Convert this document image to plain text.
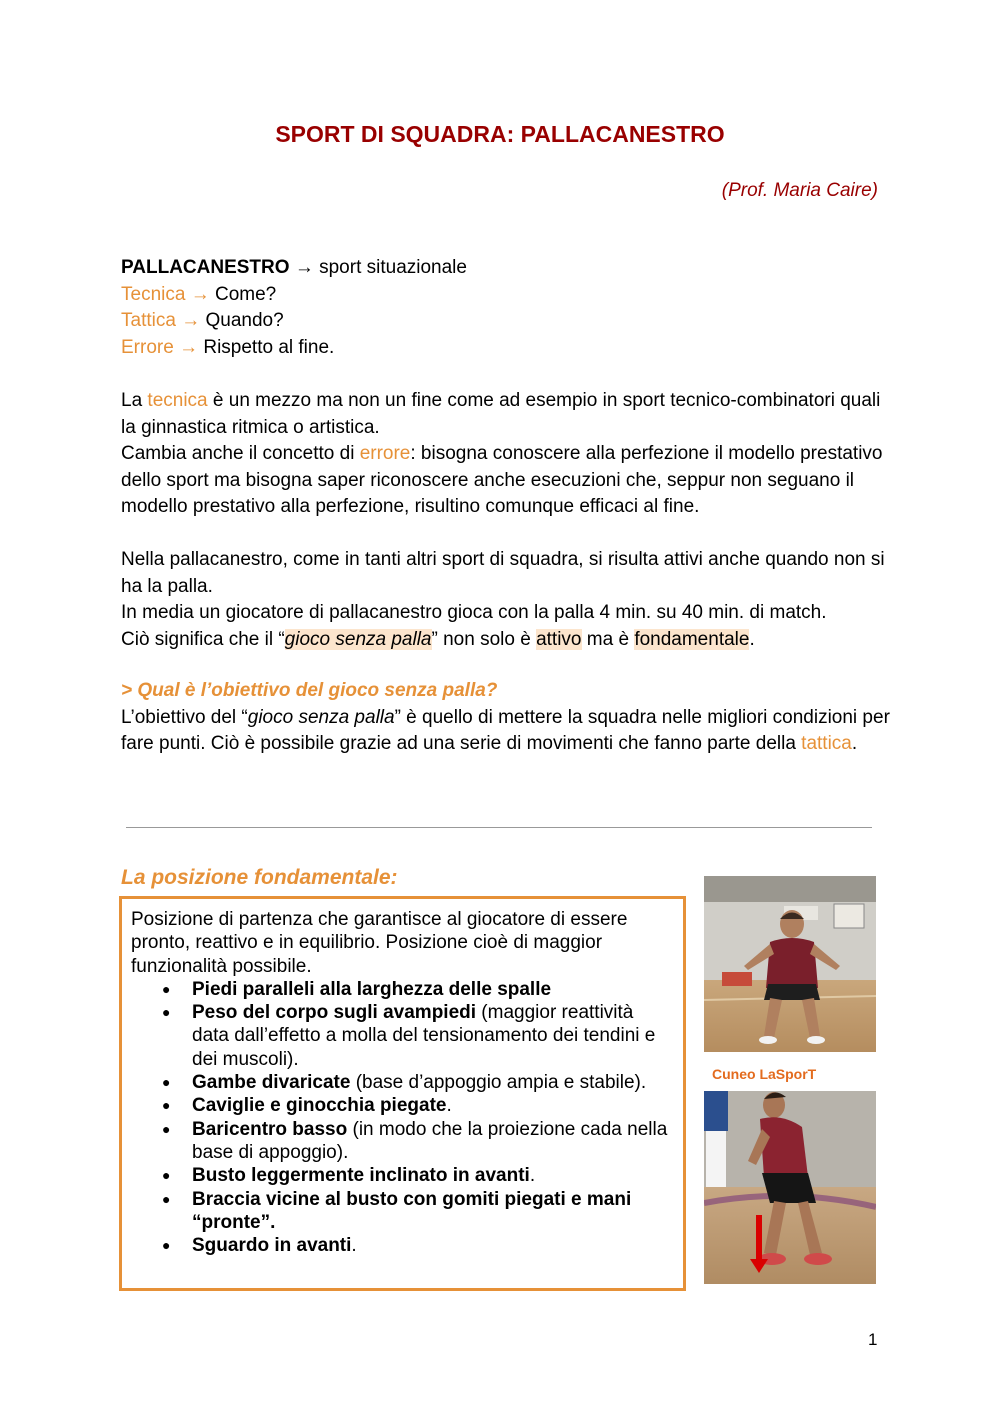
SPORT DI SQUADRA: PALLACANESTRO
(Prof. Maria Caire)
PALLACANESTRO → sport situazionale
Tecnica → Come?
Tattica → Quando?
Errore → Rispetto al fine.
La tecnica è un mezzo ma non un fine come ad esempio in sport tecnico-combinatori quali la ginnastica ritmica o artistica.
Cambia anche il concetto di errore: bisogna conoscere alla perfezione il modello prestativo dello sport ma bisogna saper riconoscere anche esecuzioni che, seppur non seguano il modello prestativo alla perfezione, risultino comunque efficaci al fine.
Nella pallacanestro, come in tanti altri sport di squadra, si risulta attivi anche quando non si ha la palla.
In media un giocatore di pallacanestro gioca con la palla 4 min. su 40 min. di match.
Ciò significa che il “gioco senza palla” non solo è attivo ma è fondamentale.
> Qual è l’obiettivo del gioco senza palla?
L’obiettivo del “gioco senza palla” è quello di mettere la squadra nelle migliori condizioni per fare punti. Ciò è possibile grazie ad una serie di movimenti che fanno parte della tattica.
La posizione fondamentale:
Posizione di partenza che garantisce al giocatore di essere pronto, reattivo e in equilibrio. Posizione cioè di maggior funzionalità possibile.
● Piedi paralleli alla larghezza delle spalle
● Peso del corpo sugli avampiedi (maggior reattività data dall’effetto a molla del tensionamento dei tendini e dei muscoli).
● Gambe divaricate (base d’appoggio ampia e stabile).
● Caviglie e ginocchia piegate.
● Baricentro basso (in modo che la proiezione cada nella base di appoggio).
● Busto leggermente inclinato in avanti.
● Braccia vicine al busto con gomiti piegati e mani “pronte”.
● Sguardo in avanti.
Cuneo LaSporT
1
